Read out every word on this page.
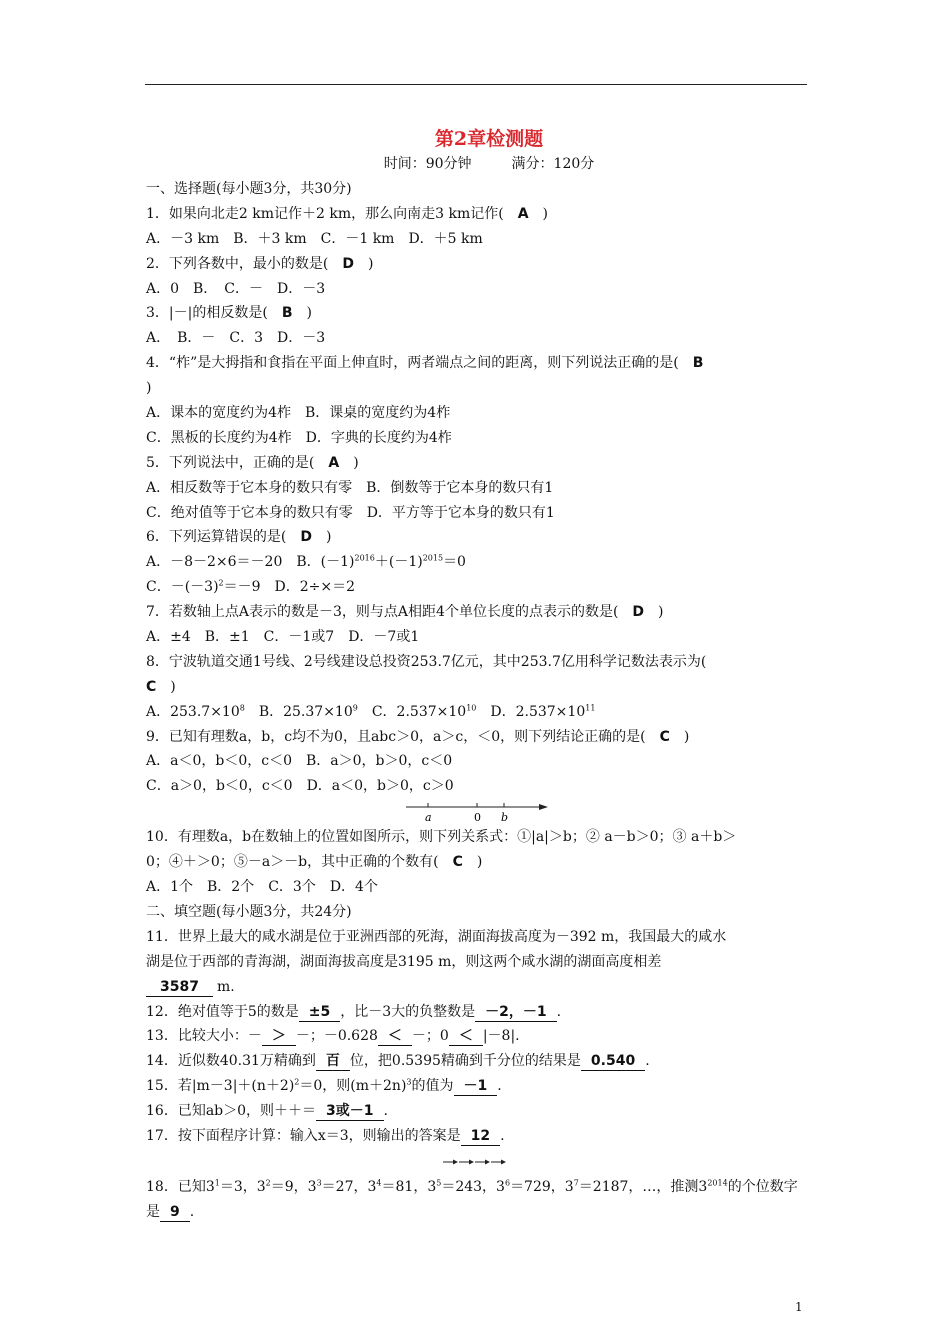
第2章检测题
时间：90分钟	满分：120分
一、选择题(每小题3分，共30分)
1．如果向北走2 km记作＋2 km，那么向南走3 km记作(　A　)
A．－3 km　B．＋3 km　C．－1 km　D．＋5 km
2．下列各数中，最小的数是(　D　)
A．0　B．　C．－　D．－3
3．|－|的相反数是(　B　)
A．　B．－　C．3　D．－3
4．“柞”是大拇指和食指在平面上伸直时，两者端点之间的距离，则下列说法正确的是(　B
)
A．课本的宽度约为4柞　B．课桌的宽度约为4柞
C．黑板的长度约为4柞　D．字典的长度约为4柞
5．下列说法中，正确的是(　A　)
A．相反数等于它本身的数只有零　B．倒数等于它本身的数只有1
C．绝对值等于它本身的数只有零　D．平方等于它本身的数只有1
6．下列运算错误的是(　D　)
A．－8－2×6＝－20　B．$(-1)^{2016}+(-1)^{2015}=0$
C．$-(-3)^2=-9$　D．2÷×＝2
7．若数轴上点A表示的数是－3，则与点A相距4个单位长度的点表示的数是(　D　)
A．±4　B．±1　C．－1或7　D．－7或1
8．宁波轨道交通1号线、2号线建设总投资253.7亿元，其中253.7亿用科学记数法表示为(
C　)
A．$253.7\times 10^8$　B．$25.37\times 10^9$　C．$2.537\times 10^{10}$　D．$2.537\times 10^{11}$
9．已知有理数a，b，c均不为0，且abc＞0，a＞c，＜0，则下列结论正确的是(　C　)
A．a＜0，b＜0，c＜0　B．a＞0，b＞0，c＜0
C．a＞0，b＜0，c＜0　D．a＜0，b＞0，c＞0
a	0 b
10．有理数a，b在数轴上的位置如图所示，则下列关系式：①|a|＞b；② a－b＞0；③ a＋b＞
0；④＋＞0；⑤－a＞－b，其中正确的个数有(　C　)
A．1个　B．2个　C．3个　D．4个
二、填空题(每小题3分，共24分)
11．世界上最大的咸水湖是位于亚洲西部的死海，湖面海拔高度为－392 m，我国最大的咸水
湖是位于西部的青海湖，湖面海拔高度是3195 m，则这两个咸水湖的湖面高度相差
3587 m.
12．绝对值等于5的数是 ±5 ，比－3大的负整数是 －2，－1 .
13．比较大小：－ ＞ －；－0.628 ＜ －；0 ＜ |－8|.
14．近似数40.31万精确到 百 位，把0.5395精确到千分位的结果是 0.540 .
15．若$|m-3|+(n+2)^2=0$，则$(m+2n)^3$的值为 －1 .
16．已知ab＞0，则＋＋＝ 3或－1 .
17．按下面程序计算：输入x＝3，则输出的答案是 12 .
18．已知$3^1=3$，$3^2=9$，$3^3=27$，$3^4=81$，$3^5=243$，$3^6=729$，$3^7=2187$，…，推测$3^{2014}$的个位数字
是 9 .
1
